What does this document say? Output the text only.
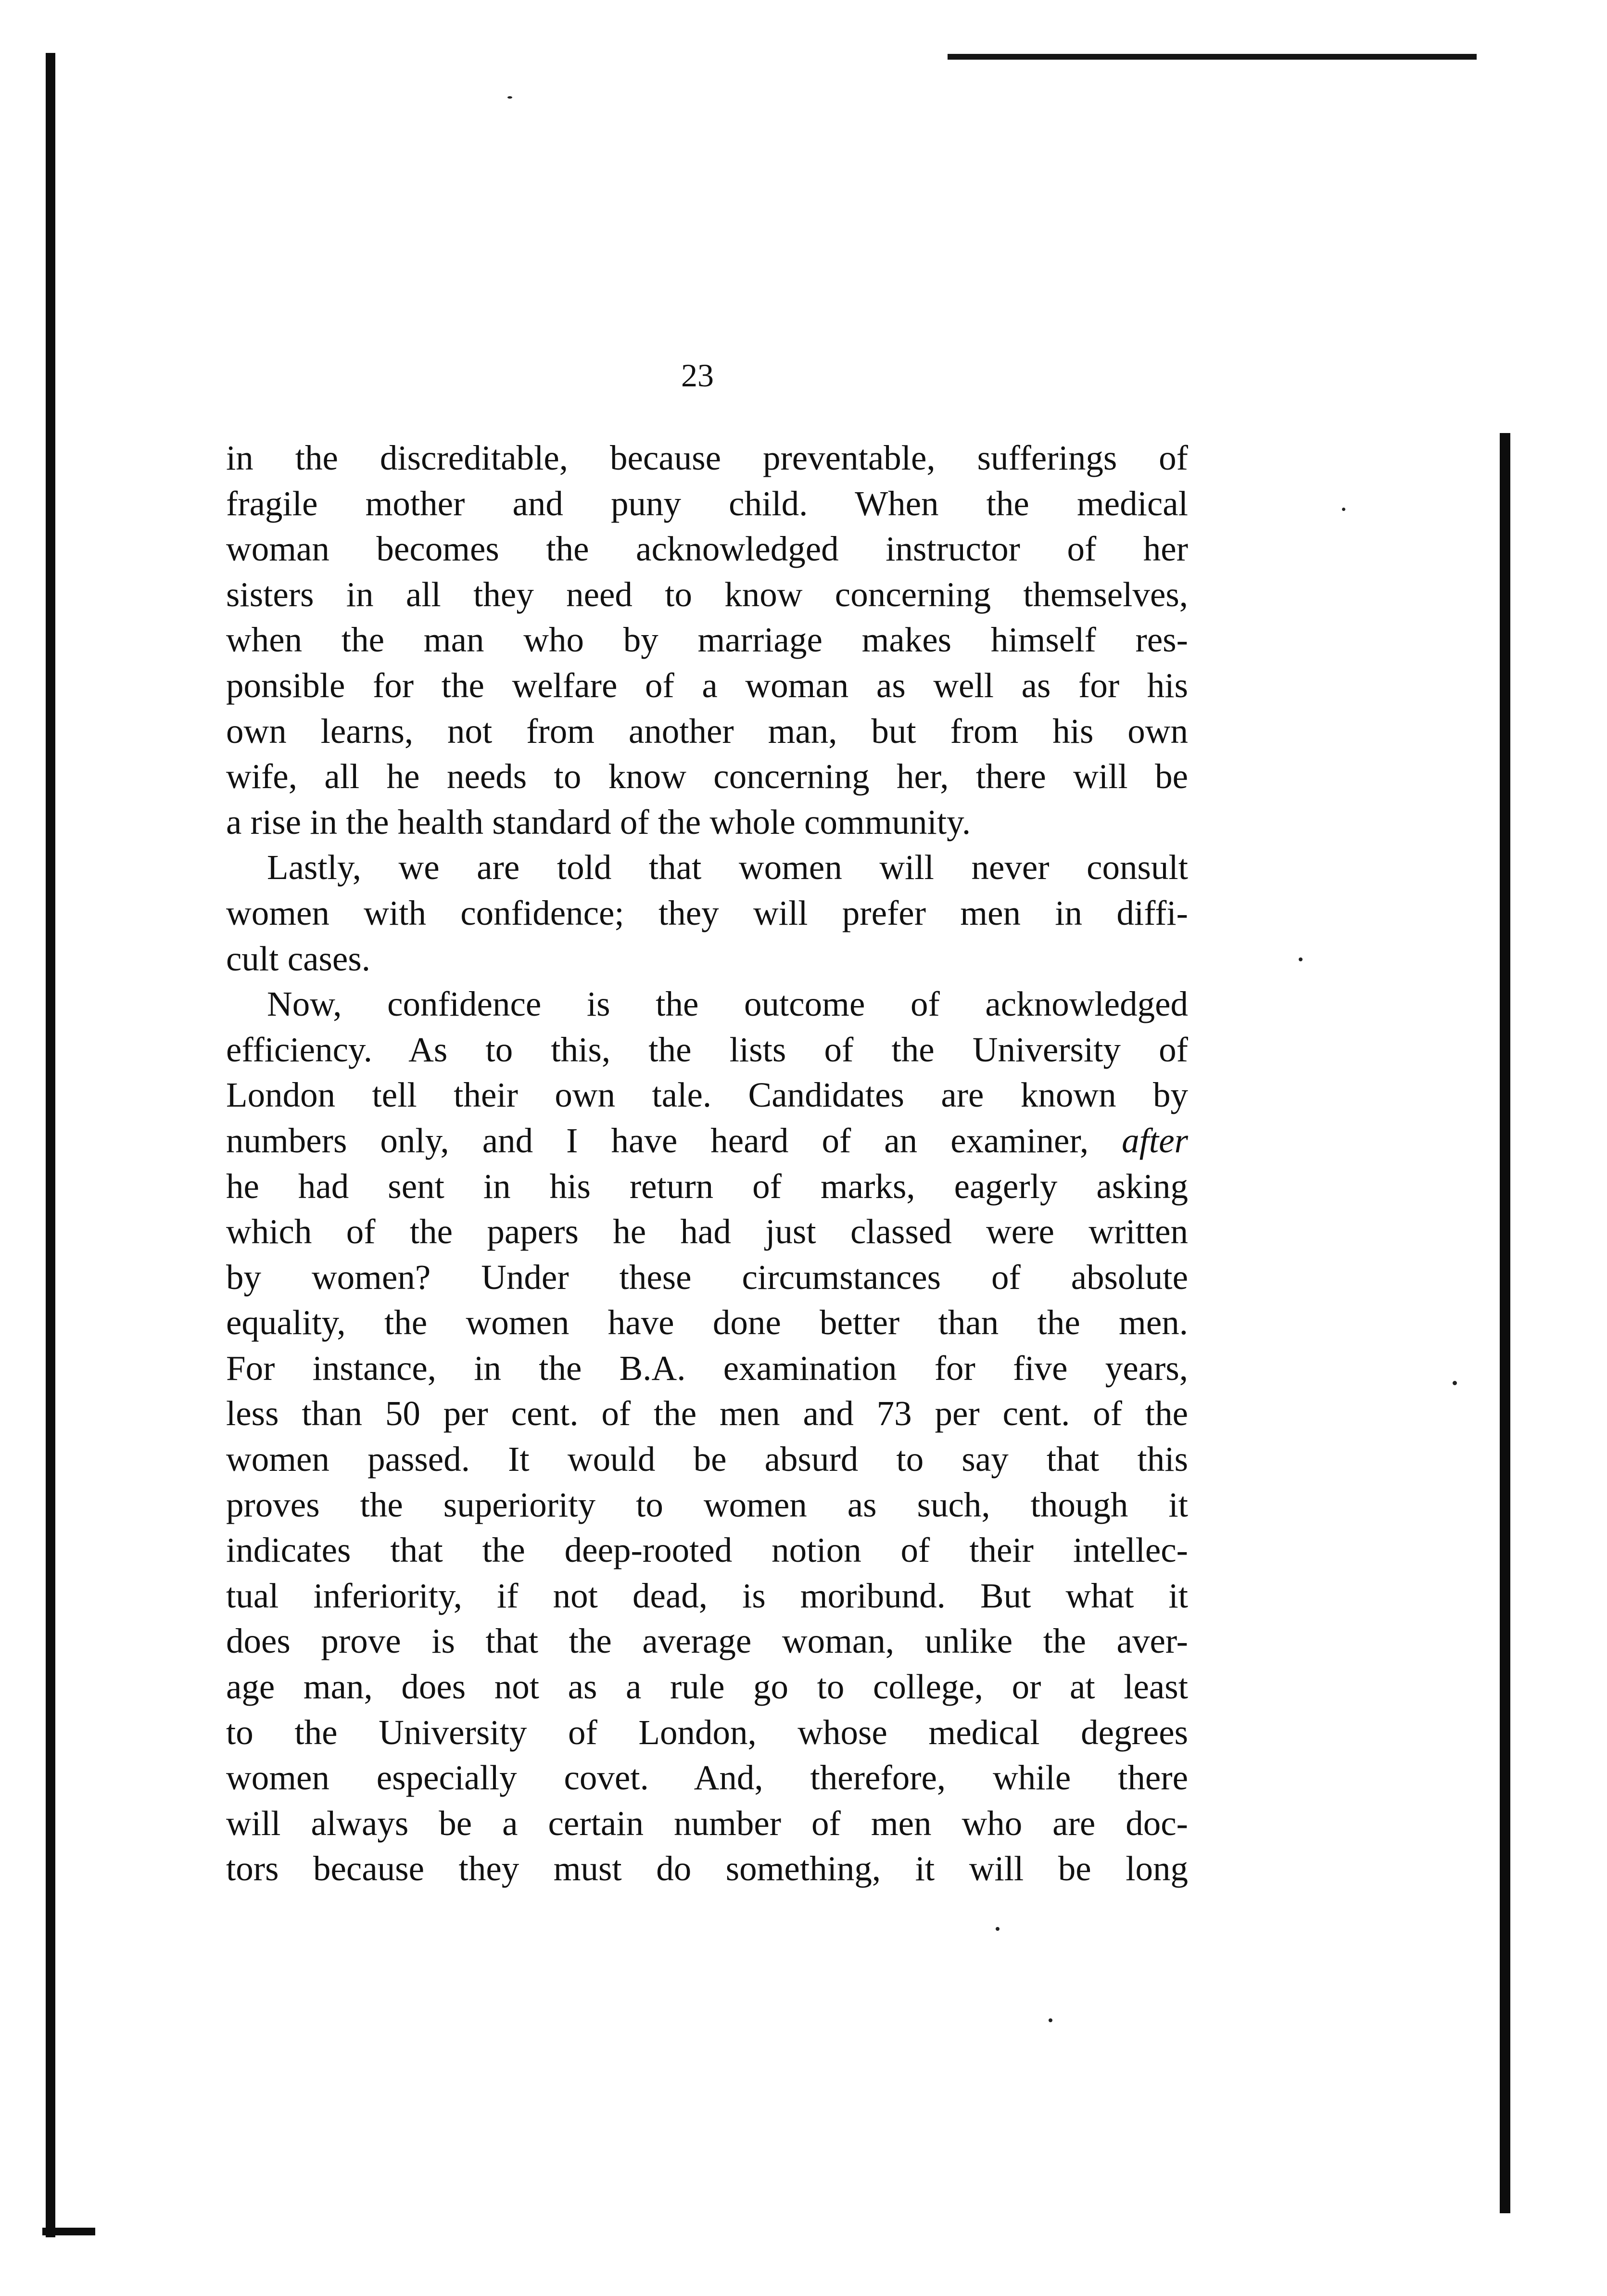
23
in the discreditable, because preventable, sufferings of
fragile mother and puny child. When the medical
woman becomes the acknowledged instructor of her
sisters in all they need to know concerning themselves,
when the man who by marriage makes himself res-
ponsible for the welfare of a woman as well as for his
own learns, not from another man, but from his own
wife, all he needs to know concerning her, there will be
a rise in the health standard of the whole community.
Lastly, we are told that women will never consult
women with confidence; they will prefer men in diffi-
cult cases.
Now, confidence is the outcome of acknowledged
efficiency. As to this, the lists of the University of
London tell their own tale. Candidates are known by
numbers only, and I have heard of an examiner, after
he had sent in his return of marks, eagerly asking
which of the papers he had just classed were written
by women? Under these circumstances of absolute
equality, the women have done better than the men.
For instance, in the B.A. examination for five years,
less than 50 per cent. of the men and 73 per cent. of the
women passed. It would be absurd to say that this
proves the superiority to women as such, though it
indicates that the deep-rooted notion of their intellec-
tual inferiority, if not dead, is moribund. But what it
does prove is that the average woman, unlike the aver-
age man, does not as a rule go to college, or at least
to the University of London, whose medical degrees
women especially covet. And, therefore, while there
will always be a certain number of men who are doc-
tors because they must do something, it will be long
